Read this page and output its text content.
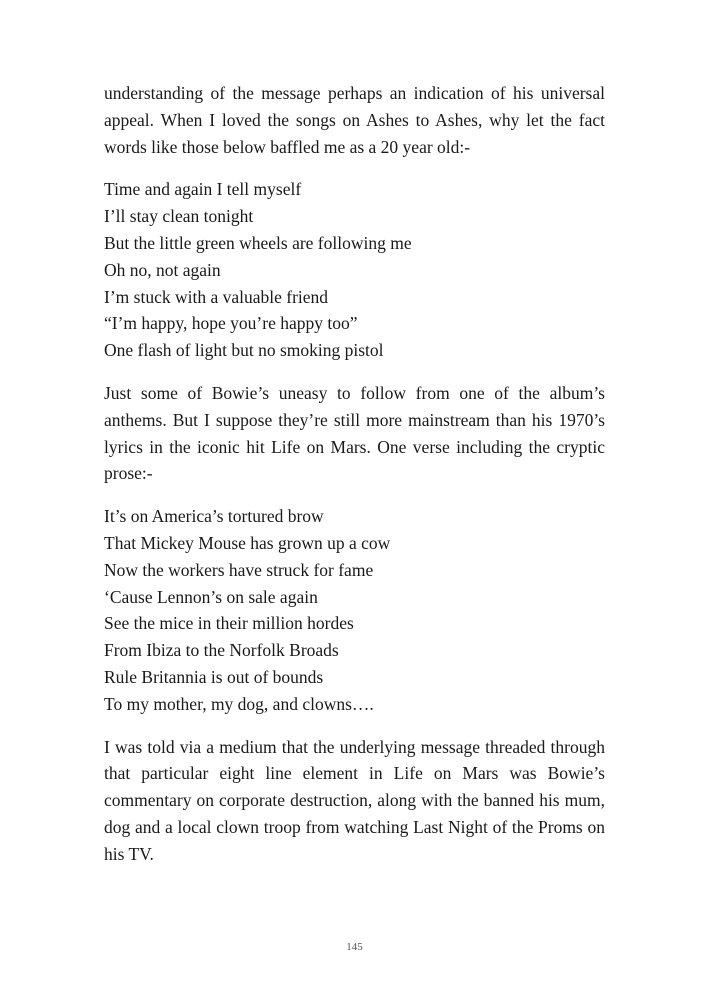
understanding of the message perhaps an indication of his universal appeal. When I loved the songs on Ashes to Ashes, why let the fact words like those below baffled me as a 20 year old:-

Time and again I tell myself
I’ll stay clean tonight
But the little green wheels are following me
Oh no, not again
I’m stuck with a valuable friend
“I’m happy, hope you’re happy too”
One flash of light but no smoking pistol

Just some of Bowie’s uneasy to follow from one of the album’s anthems. But I suppose they’re still more mainstream than his 1970’s lyrics in the iconic hit Life on Mars. One verse including the cryptic prose:-

It’s on America’s tortured brow
That Mickey Mouse has grown up a cow
Now the workers have struck for fame
‘Cause Lennon’s on sale again
See the mice in their million hordes
From Ibiza to the Norfolk Broads
Rule Britannia is out of bounds
To my mother, my dog, and clowns….

I was told via a medium that the underlying message threaded through that particular eight line element in Life on Mars was Bowie’s commentary on corporate destruction, along with the banned his mum, dog and a local clown troop from watching Last Night of the Proms on his TV.

145
